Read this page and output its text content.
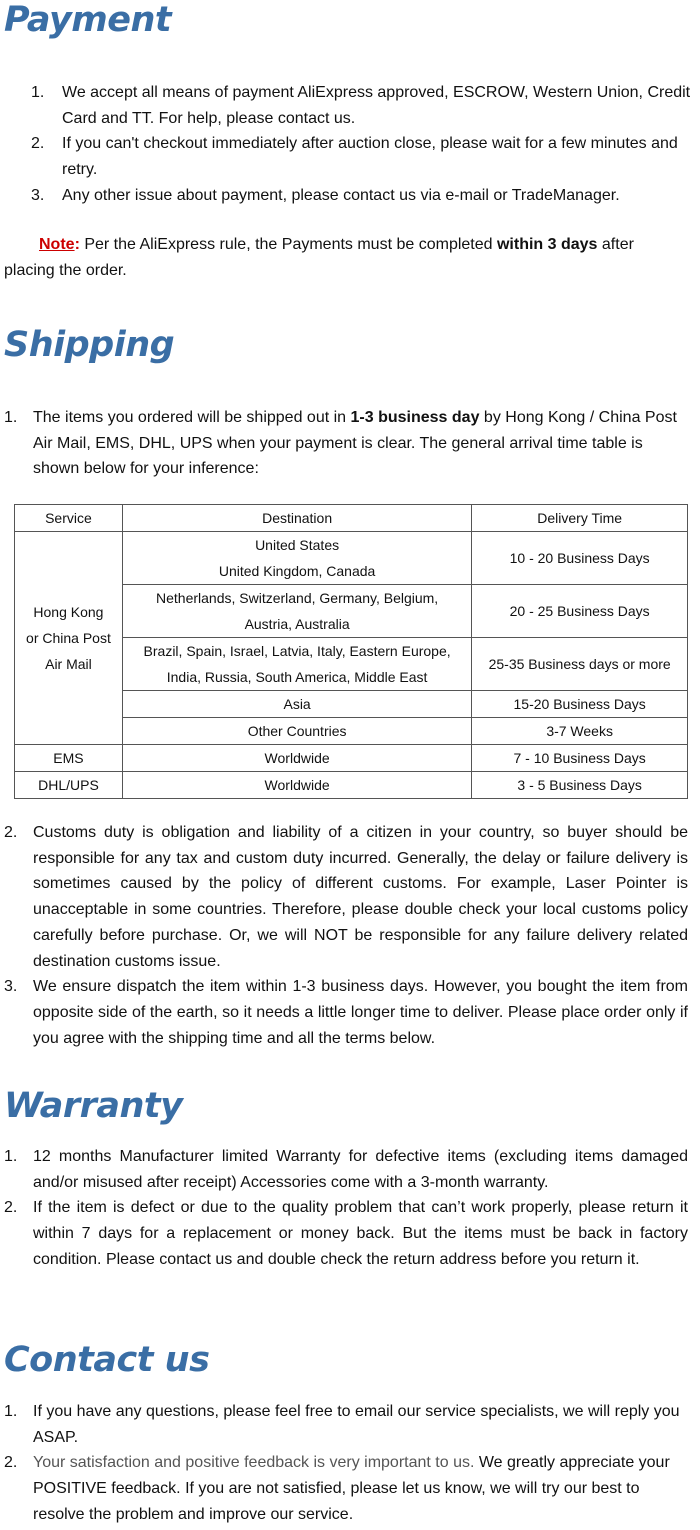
Payment
1. We accept all means of payment AliExpress approved, ESCROW, Western Union, Credit Card and TT. For help, please contact us.
2. If you can't checkout immediately after auction close, please wait for a few minutes and retry.
3. Any other issue about payment, please contact us via e-mail or TradeManager.

Note: Per the AliExpress rule, the Payments must be completed within 3 days after placing the order.

Shipping
1. The items you ordered will be shipped out in 1-3 business day by Hong Kong / China Post Air Mail, EMS, DHL, UPS when your payment is clear. The general arrival time table is shown below for your inference:
Service	Destination	Delivery Time
Hong Kong
or China Post
Air Mail	United States
United Kingdom, Canada	10 - 20 Business Days
	Netherlands, Switzerland, Germany, Belgium,
Austria, Australia	20 - 25 Business Days
	Brazil, Spain, Israel, Latvia, Italy, Eastern Europe,
India, Russia, South America, Middle East	25-35 Business days or more
	Asia	15-20 Business Days
	Other Countries	3-7 Weeks
EMS	Worldwide	7 - 10 Business Days
DHL/UPS	Worldwide	3 - 5 Business Days
2. Customs duty is obligation and liability of a citizen in your country, so buyer should be responsible for any tax and custom duty incurred. Generally, the delay or failure delivery is sometimes caused by the policy of different customs. For example, Laser Pointer is unacceptable in some countries. Therefore, please double check your local customs policy carefully before purchase. Or, we will NOT be responsible for any failure delivery related destination customs issue.
3. We ensure dispatch the item within 1-3 business days. However, you bought the item from opposite side of the earth, so it needs a little longer time to deliver. Please place order only if you agree with the shipping time and all the terms below.
Warranty
1. 12 months Manufacturer limited Warranty for defective items (excluding items damaged and/or misused after receipt) Accessories come with a 3-month warranty.
2. If the item is defect or due to the quality problem that can’t work properly, please return it within 7 days for a replacement or money back. But the items must be back in factory condition. Please contact us and double check the return address before you return it.
Contact us
1. If you have any questions, please feel free to email our service specialists, we will reply you ASAP.
2. Your satisfaction and positive feedback is very important to us. We greatly appreciate your POSITIVE feedback. If you are not satisfied, please let us know, we will try our best to resolve the problem and improve our service.
